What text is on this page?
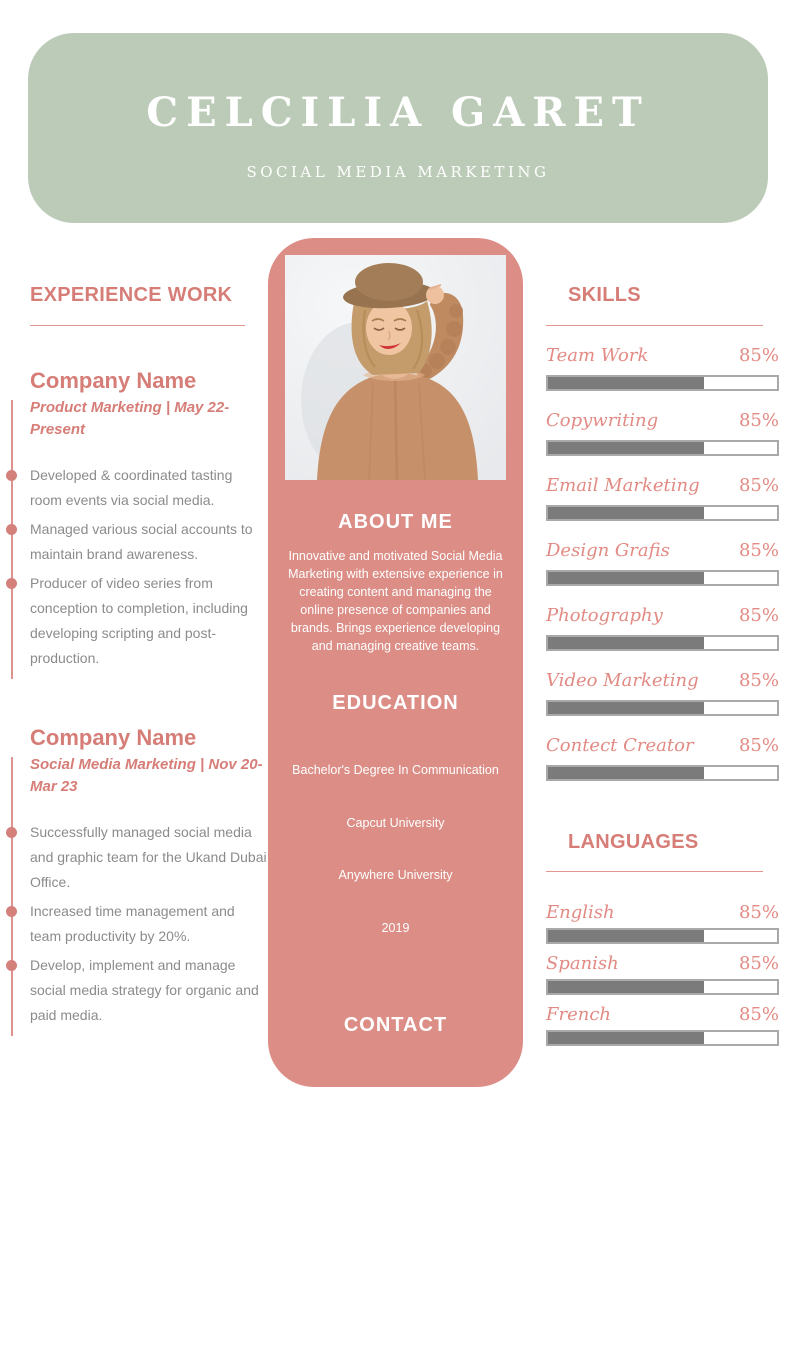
CELCILIA GARET
SOCIAL MEDIA MARKETING
EXPERIENCE WORK
Company Name
Product Marketing | May 22-Present
Developed & coordinated tasting room events via social media.
Managed various social accounts to maintain brand awareness.
Producer of video series from conception to completion, including developing scripting and post-production.
Company Name
Social Media Marketing | Nov 20-Mar 23
Successfully managed social media and graphic team for the Ukand Dubai Office.
Increased time management and team productivity by 20%.
Develop, implement and manage social media strategy for organic and paid media.
ABOUT ME

Innovative and motivated Social Media Marketing with extensive experience in creating content and managing the online presence of companies and brands. Brings experience developing and managing creative teams.

EDUCATION

Bachelor's Degree In Communication

Capcut University

Anywhere University

2019

CONTACT

+123  456 789

hello@capcut.com

@capcut

123 Anywhere St.,

Anywhere City, ST 1234

SKILLS
Team Work	85%
Copywriting	85%
Email Marketing 85%
Design Grafis	85%
Photography	85%
Video Marketing 85%
Contect Creator	85%
LANGUAGES
English	85%
Spanish	85%
French	85%
